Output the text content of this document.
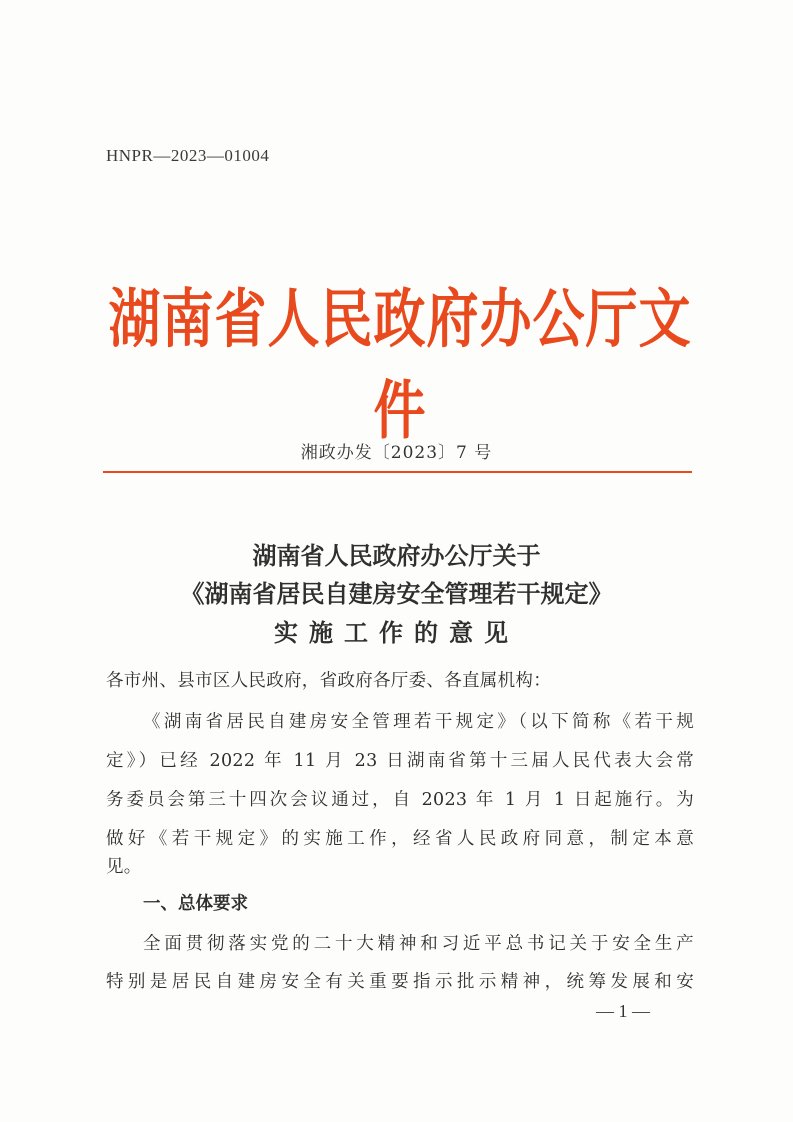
HNPR—2023—01004
湖南省人民政府办公厅文件
湘政办发〔2023〕7 号
湖南省人民政府办公厅关于
《湖南省居民自建房安全管理若干规定》
实施工作的意见
各市州、县市区人民政府，省政府各厅委、各直属机构：
《湖南省居民自建房安全管理若干规定》（以下简称《若干规
定》）已经 2022 年 11 月 23 日湖南省第十三届人民代表大会常
务委员会第三十四次会议通过，自 2023 年 1 月 1 日起施行。为
做好《若干规定》的实施工作，经省人民政府同意，制定本意
见。
一、总体要求
全面贯彻落实党的二十大精神和习近平总书记关于安全生产
特别是居民自建房安全有关重要指示批示精神，统筹发展和安
— 1 —
